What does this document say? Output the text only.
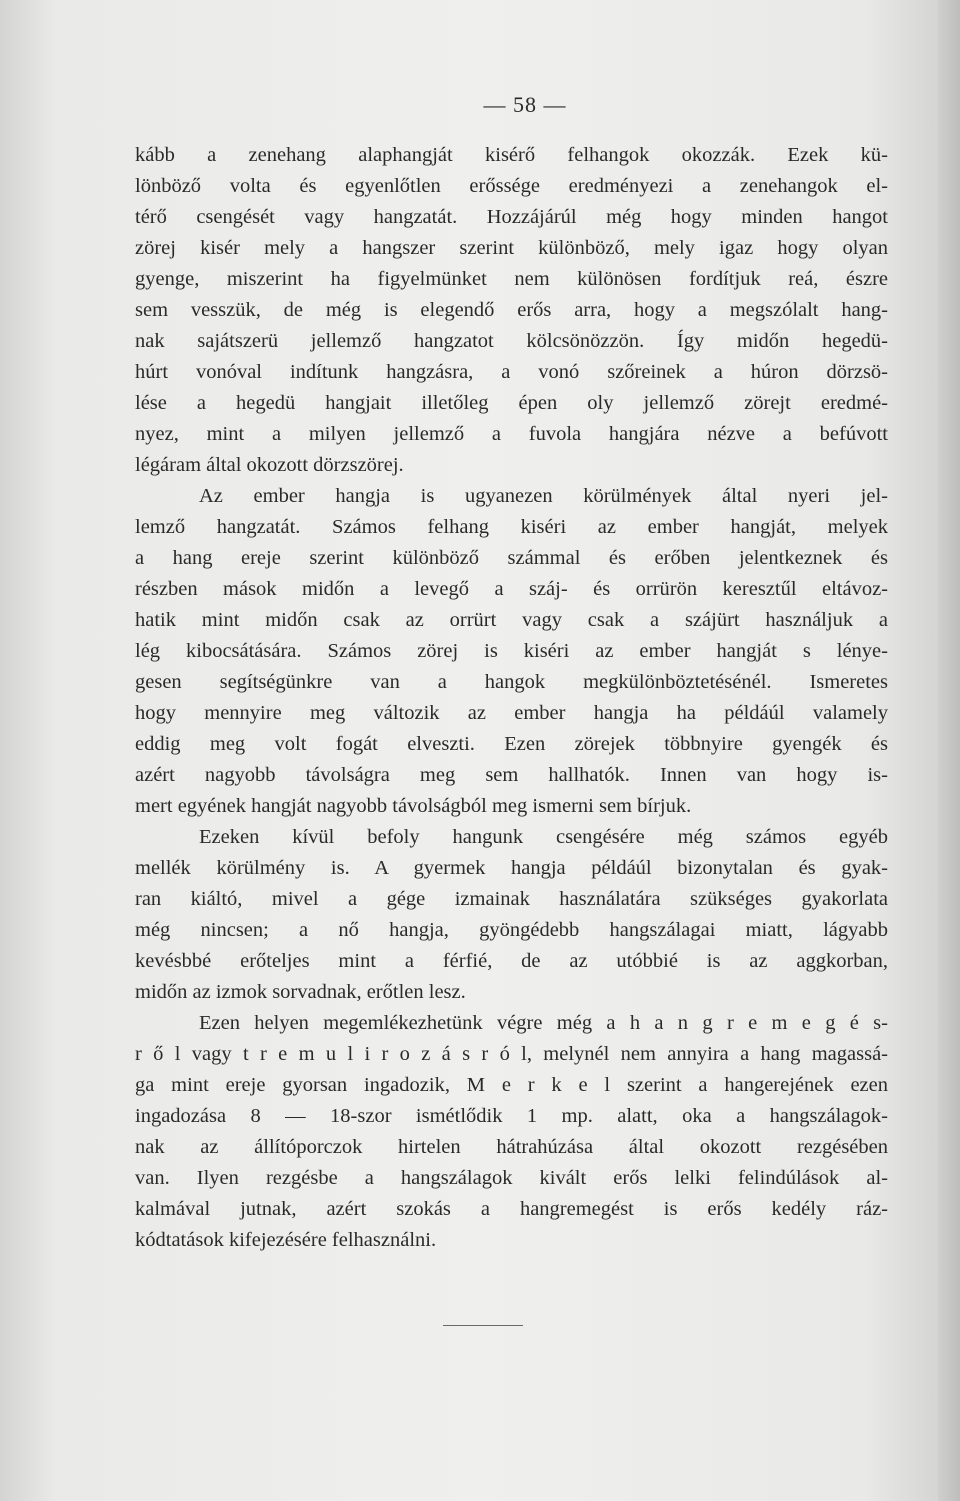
— 58 —
kább a zenehang alaphangját kisérő felhangok okozzák. Ezek kü-
lönböző volta és egyenlőtlen erőssége eredményezi a zenehangok el-
térő csengését vagy hangzatát. Hozzájárúl még hogy minden hangot
zörej kisér mely a hangszer szerint különböző, mely igaz hogy olyan
gyenge, miszerint ha figyelmünket nem különösen fordítjuk reá, észre
sem vesszük, de még is elegendő erős arra, hogy a megszólalt hang-
nak sajátszerü jellemző hangzatot kölcsönözzön. Így midőn hegedü-
húrt vonóval indítunk hangzásra, a vonó szőreinek a húron dörzsö-
lése a hegedü hangjait illetőleg épen oly jellemző zörejt eredmé-
nyez, mint a milyen jellemző a fuvola hangjára nézve a befúvott
légáram által okozott dörzszörej.
Az ember hangja is ugyanezen körülmények által nyeri jel-
lemző hangzatát. Számos felhang kiséri az ember hangját, melyek
a hang ereje szerint különböző számmal és erőben jelentkeznek és
részben mások midőn a levegő a száj- és orrürön keresztűl eltávoz-
hatik mint midőn csak az orrürt vagy csak a szájürt használjuk a
lég kibocsátására. Számos zörej is kiséri az ember hangját s lénye-
gesen segítségünkre van a hangok megkülönböztetésénél. Ismeretes
hogy mennyire meg változik az ember hangja ha példáúl valamely
eddig meg volt fogát elveszti. Ezen zörejek többnyire gyengék és
azért nagyobb távolságra meg sem hallhatók. Innen van hogy is-
mert egyének hangját nagyobb távolságból meg ismerni sem bírjuk.
Ezeken kívül befoly hangunk csengésére még számos egyéb
mellék körülmény is. A gyermek hangja példáúl bizonytalan és gyak-
ran kiáltó, mivel a gége izmainak használatára szükséges gyakorlata
még nincsen; a nő hangja, gyöngédebb hangszálagai miatt, lágyabb
kevésbbé erőteljes mint a férfié, de az utóbbié is az aggkorban,
midőn az izmok sorvadnak, erőtlen lesz.
Ezen helyen megemlékezhetünk végre még a h a n g r e m e g é s-
r ő l vagy t r e m u l i r o z á s r ó l, melynél nem annyira a hang magassá-
ga mint ereje gyorsan ingadozik, M e r k e l szerint a hangerejének ezen
ingadozása 8 — 18-szor ismétlődik 1 mp. alatt, oka a hangszálagok-
nak az állítóporczok hirtelen hátrahúzása által okozott rezgésében
van. Ilyen rezgésbe a hangszálagok kivált erős lelki felindúlások al-
kalmával jutnak, azért szokás a hangremegést is erős kedély ráz-
kódtatások kifejezésére felhasználni.
